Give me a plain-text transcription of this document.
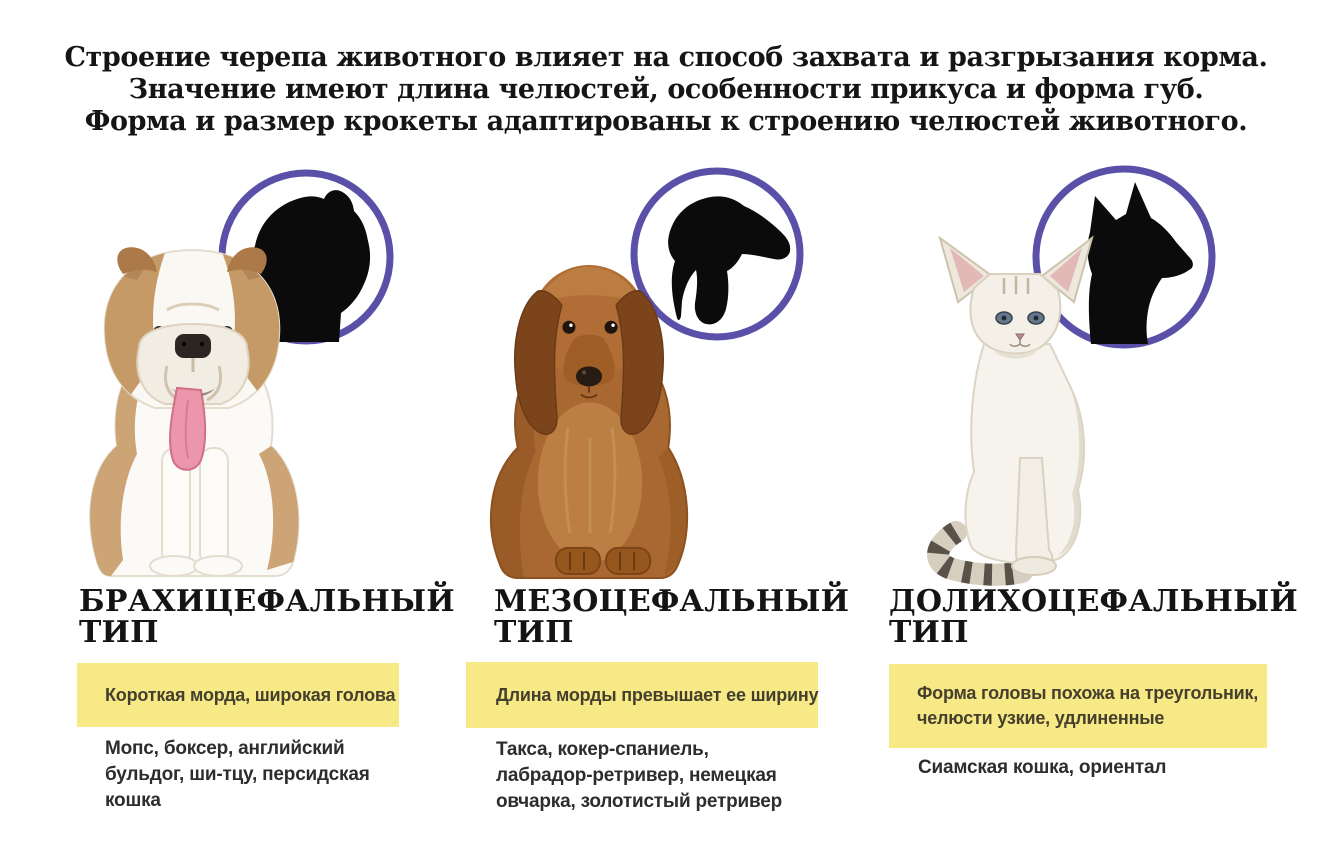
Строение черепа животного влияет на способ захвата и разгрызания корма.
Значение имеют длина челюстей, особенности прикуса и форма губ.
Форма и размер крокеты адаптированы к строению челюстей животного.
БРАХИЦЕФАЛЬНЫЙ
ТИП
Короткая морда, широкая голова
Мопс, боксер, английский
бульдог, ши-тцу, персидская
кошка
МЕЗОЦЕФАЛЬНЫЙ
ТИП
Длина морды превышает ее ширину
Такса, кокер-спаниель,
лабрадор-ретривер, немецкая
овчарка, золотистый ретривер
ДОЛИХОЦЕФАЛЬНЫЙ
ТИП
Форма головы похожа на треугольник,
челюсти узкие, удлиненные
Сиамская кошка, ориентал
